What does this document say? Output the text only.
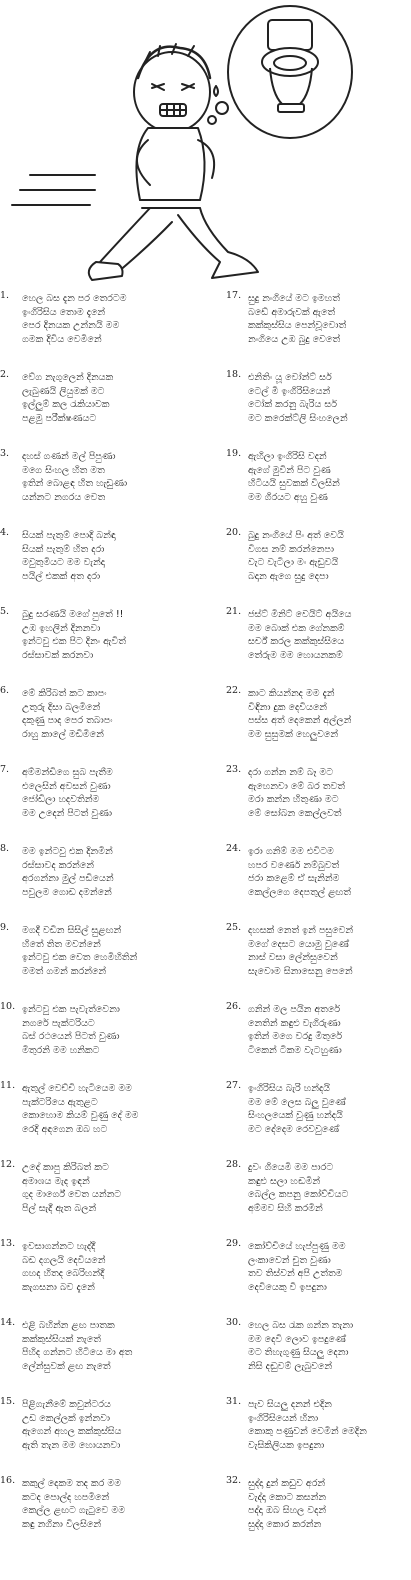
1. හෙල බස දැන පර තෙරටම
ඉංගිරිසිය තොම දැනේ
පෙර දිනයක උන්නයි මම
ගමක දිවිය වෙමිනේ
17. සුදු නංගියේ මට ඉමහත්
බඩේ අමාරුවක් ඇතේ
කක්කුස්සිය පෙන්වූවොත්
නංගියෙ උඹ බුදු වෙතේ
2. වේග නැගුලෙන් දිනයක
ලැබුණයි ලියුමක් මට
ඉල්ලුම් කල රැකියාවක
පළමු පරීක්ෂණයට
18. එනිතිං යූ වෝන්ට් සර්
ටෙල් මී ඉංගිරිසියෙන්
ටෝක් කරනු බැරිය සර්
මට කරෙක්ට්ලි සිංහලෙන්
3. දහස් ගණන් මල් පිපුණා
මගෙ සිංහල හිත මත
ඉතින් බොළඳ හිත හැඩුණා
යන්නට නගරය වෙත
19. ඇහිලා ඉංගිරිසි වදන්
ඇගේ මුවින් පිට වුණ
හිටියයි සුවකක් විලසින්
මම ගිරයට අහු වුණ
4. සියක් පැතුම් පොදි බන්ඳා
සියක් පැතුම් හිත දරා
මවුතුමියට මම වැන්දා
පයිල් එකක් අත දරා
20. බුදු නංගියේ පිං අත් වෙයි
විගස නම් කරන්නෙපා
වැට වැටිලා මං ඇඩුවයි
බදාන ඇගෙ සුදු දෙපා
5. බුදු සරණයි මගේ පුතේ !!
උඹ ඉහලින් දිනනවා
ඉන්ටවු එක පිට දිනං ඇවිත්
රස්සාවක් කරනවා
21. ජස්ට් මිනිට් වෙයිට් අයියෙ
මම බොක් එක ගේනකම්
සර්ච් කරල කක්කුස්සියෙ
තේරුම මම හොයනකම්
6. මේ කිරිබත් කට කාපං
උතුරු දිසා බලමිනේ
දකුණු පාද පෙර තබාපං
රාහු කාලේ මඩිමිනේ
22. කාට කියන්නද මම දැන්
විඳිනා දුක දෙවියනේ
පස්ස අත් දෙකෙන් අල්ලන්
මම සුසුමක් හෙලුවනේ
7. අම්මන්ඩිගෙ සුබ පැතීම
එලෙසින් අවසන් වුණා
ජෝඩිලා හදවතින්ම
මම උදෙන් පිටත් වුණා
23. දරා ගන්න නම් බෑ මට
ඇහෙනවා මේ බර තවත්
මරා කන්න හිතුණා මට
මේ සෝබන කෙල්ලවත්
8. මම ඉන්ටවු එක දිනමින්
රස්සාවද කරන්නේ
අරගන්නා මුල් පඩියෙන්
පවුලම ගොඩ දමන්නේ
24. ඉරා ගනිම් මම එවිටම
හපර වර්ණෙ නම්බුවත්
ජරා කළෙම් ඒ සැනින්ම
කෙල්ලගෙ දෙපතුල් ළඟත්
9. මගදී වඩින සිසිල් සුළඟන්
හිතේ තිත මවන්නේ
ඉන්ටවු එක වෙත හෙමිහිතින්
මමත් ගමන් කරන්නේ
25. දහසක් නෙත් ඉන් පසුවෙන්
මගේ දෙසට යොමු වුණේ
නාස් වසා ලේන්සුවෙන්
සැවොම සිනාසෙනු පෙනේ
10. ඉන්ටවු එක පැවැත්වෙනා
නගරේ පැක්ටරියට
බස් රථයෙන් පිටත් වුණා
මිතුරනි මම හනිකට
26. ගනින් මල පයින අතරේ
නෙතින් කඳුළු වැගිරුණා
ඉතින් මගෙ වරදු මිතුරේ
ටිකෙන් ටිකම වැටහුණා
11. ඇතුල් වෙච්චි හැටියෙම මම
පැක්ටරියෙ ඇතුළට
කොහොම කියම් වුණු දේ මම
රෙදි අඳගෙන ඔබ හට
27. ඉංගිරිසිය බැරි හන්දයි
මම මේ ලෙස බලු වුණේ
සිංහලයෙක් වුණු හන්දයි
මට දේදෙම රෙවවුණේ
12. උදේ කාපු කිරිබත් කට
අමාශය මැද ඉඳන්
ගුද මාර්ගේ වෙත යන්නට
පිල් සැදී ඇත බලන්
28. දුවං ගියෙමි මම පාරට
කඳුළු සලා හඬමින්
බෙල්ල කපනු කෝව්චියට
අම්මව සිහි කරමින්
13. ඉවසාගන්නට හැද්දී
බඩ දගලයි දෙවියනේ
ගහද හිතද බෙරිහන්දී
කැගසනා බව දැනේ
29. කෝව්චියේ හැප්පුණු මම
ලංකාවෙන් චුත වුණා
තව තිස්වන් අපි උත්තම
දෙවියෙකු වී ඉපදුනා
14. එළි බහින්න ළඟ පාතක
කක්කුස්සියක් නැතේ
පිහිද ගන්නට හිටියෙ මා අත
ලේන්සුවක් ළඟ නැතේ
30. හෙල බස රැක ගන්න තැනා
මම දෙවි ලොව ඉපදුණේ
මට තිහැගුණු සියලු දෙනා
නිසි දඬුවම් ලැබුවනේ
15. පිළිගැනීමේ කවුන්ටරය
උඩ කෙල්ලක් ඉන්නවා
ඇගෙන් අහල කක්කුස්සිය
ඇති තැන මම හොයනවා
31. පැව සියලු දනන් එදින
ඉංගිරිසියෙන් හිනා
කොකු පණුවන් වෙමින් මෙදින
වැසිකිලියක ඉපදුනා
16. කකුල් දෙකම තද කර මම
කටද පොල්ද හපමිනේ
කෙල්ල ළඟට ගැටුවෙ මම
කඳු නගිනා විලසිනේ
32. සුද්දා දුන් කඩුව අරන්
වැද්දා කොට කසන්න
පද්දා ඔබ සිහල වදන්
සුද්දා කොර කරන්න
